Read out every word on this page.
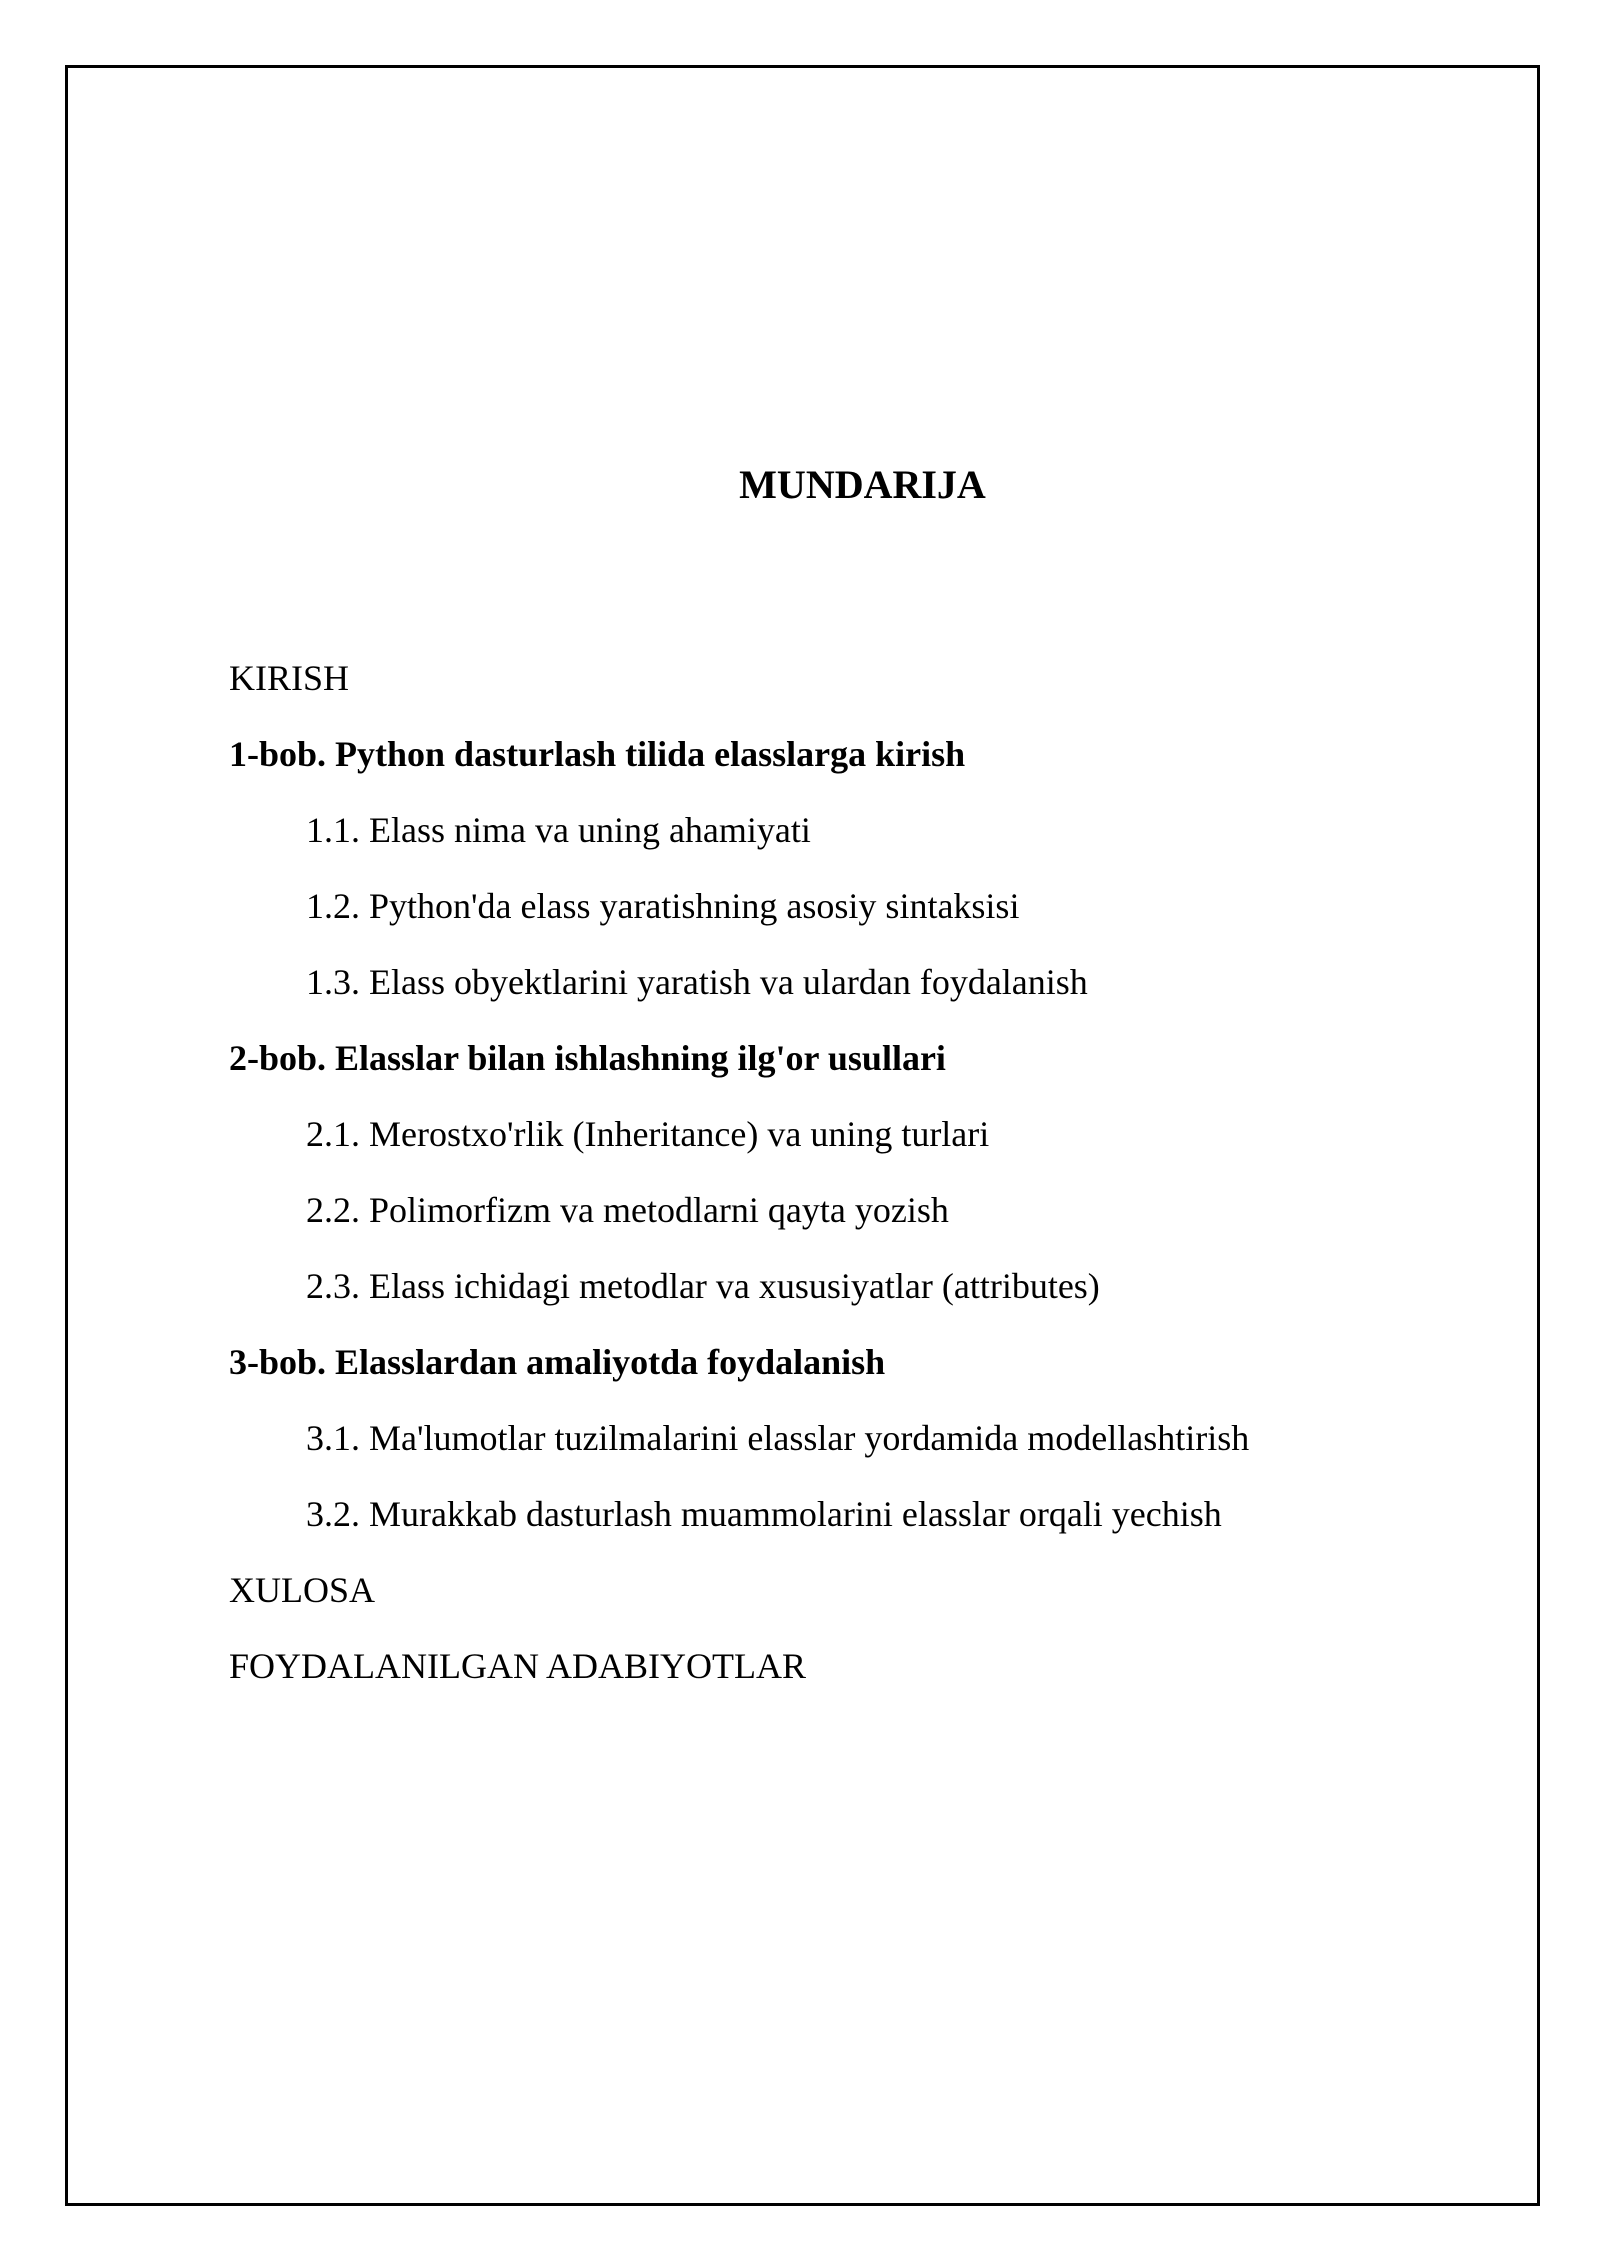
MUNDARIJA
KIRISH
1-bob. Python dasturlash tilida elasslarga kirish
1.1. Elass nima va uning ahamiyati
1.2. Python'da elass yaratishning asosiy sintaksisi
1.3. Elass obyektlarini yaratish va ulardan foydalanish
2-bob. Elasslar bilan ishlashning ilg'or usullari
2.1. Merostxo'rlik (Inheritance) va uning turlari
2.2. Polimorfizm va metodlarni qayta yozish
2.3. Elass ichidagi metodlar va xususiyatlar (attributes)
3-bob. Elasslardan amaliyotda foydalanish
3.1. Ma'lumotlar tuzilmalarini elasslar yordamida modellashtirish
3.2. Murakkab dasturlash muammolarini elasslar orqali yechish
XULOSA
FOYDALANILGAN ADABIYOTLAR
